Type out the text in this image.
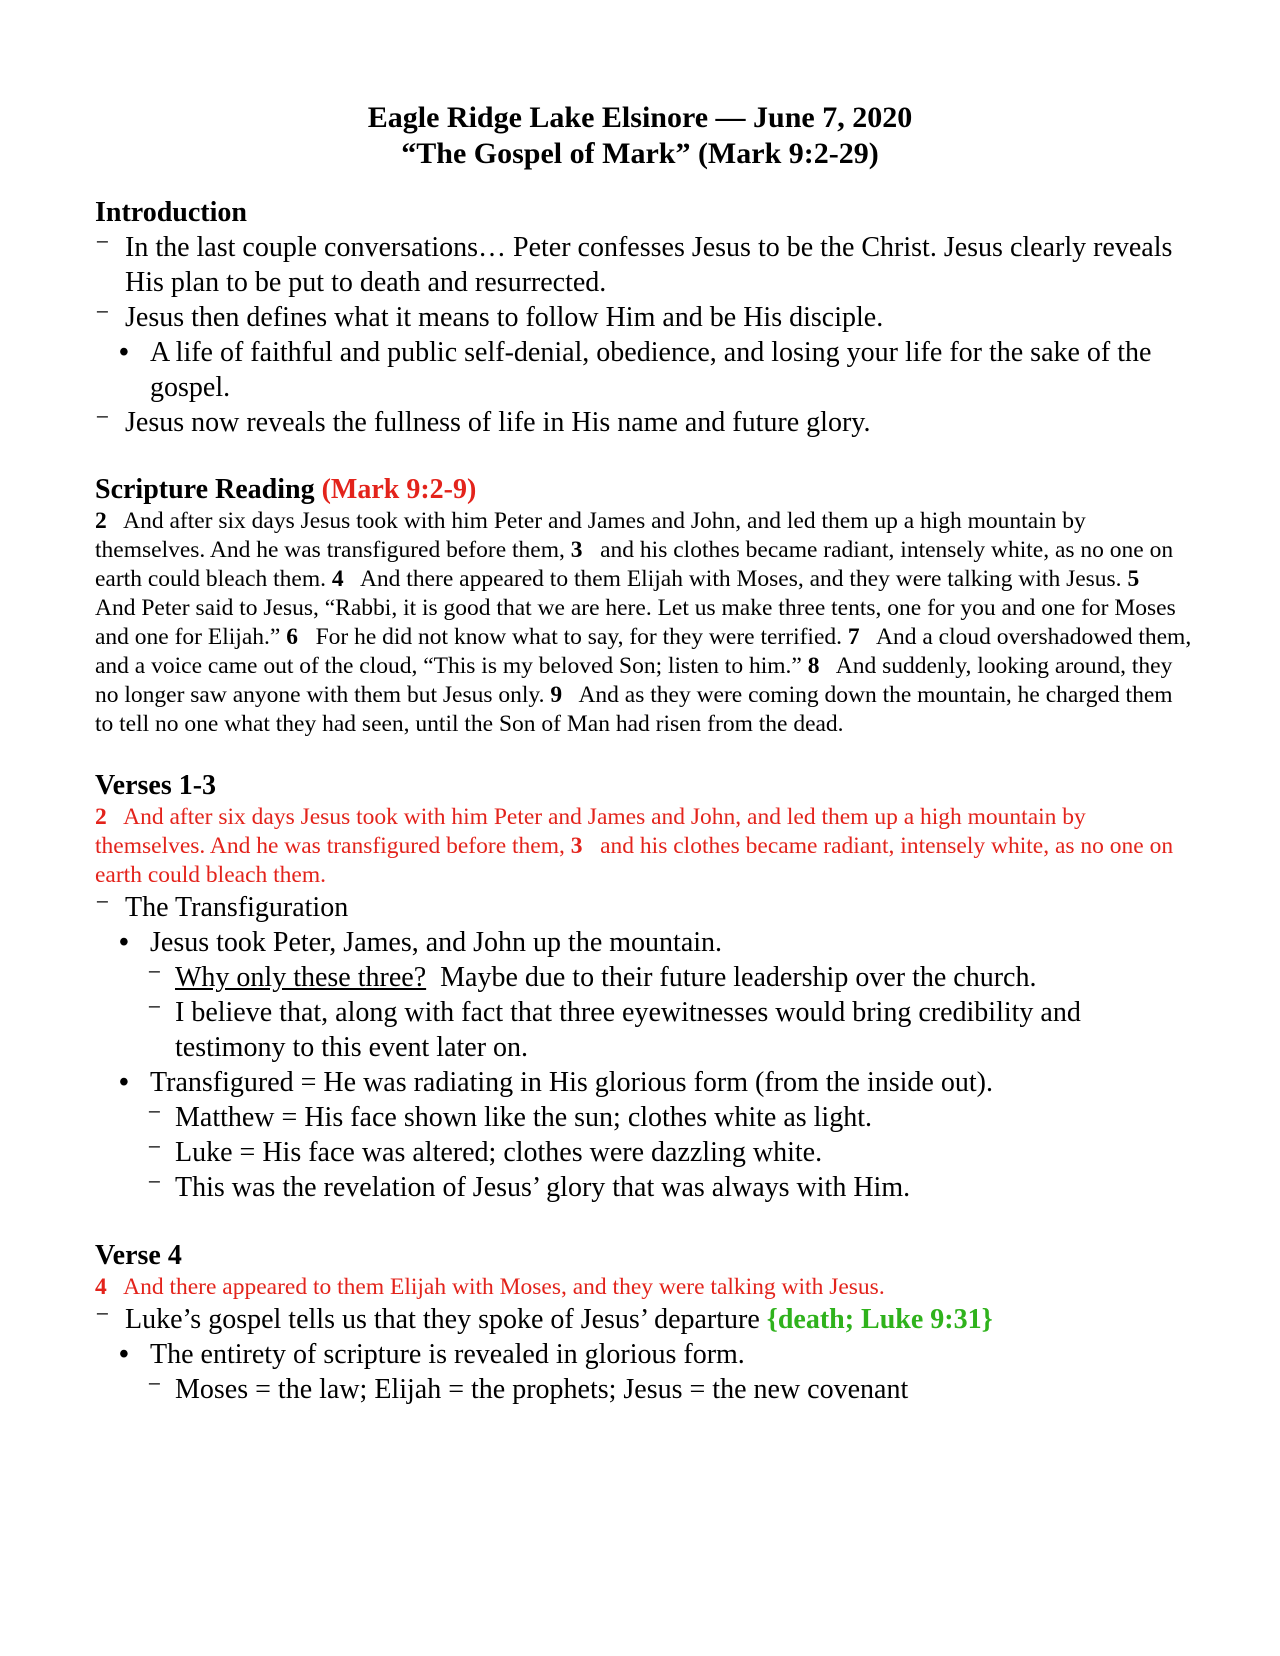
Eagle Ridge Lake Elsinore — June 7, 2020

“The Gospel of Mark” (Mark 9:2-29)

Introduction
⁻ In the last couple conversations… Peter confesses Jesus to be the Christ. Jesus clearly reveals His plan to be put to death and resurrected.
⁻ Jesus then defines what it means to follow Him and be His disciple.
• A life of faithful and public self-denial, obedience, and losing your life for the sake of the gospel.
⁻ Jesus now reveals the fullness of life in His name and future glory.
Scripture Reading (Mark 9:2-9)

2 And after six days Jesus took with him Peter and James and John, and led them up a high mountain by themselves. And he was transfigured before them, 3 and his clothes became radiant, intensely white, as no one on earth could bleach them. 4 And there appeared to them Elijah with Moses, and they were talking with Jesus. 5   And Peter said to Jesus, “Rabbi, it is good that we are here. Let us make three tents, one for you and one for Moses and one for Elijah.” 6 For he did not know what to say, for they were terrified. 7 And a cloud overshadowed them, and a voice came out of the cloud, “This is my beloved Son; listen to him.” 8 And suddenly, looking around, they no longer saw anyone with them but Jesus only. 9 And as they were coming down the mountain, he charged them to tell no one what they had seen, until the Son of Man had risen from the dead.

Verses 1-3

2 And after six days Jesus took with him Peter and James and John, and led them up a high mountain by themselves. And he was transfigured before them, 3 and his clothes became radiant, intensely white, as no one on earth could bleach them.

⁻ The Transfiguration
• Jesus took Peter, James, and John up the mountain.
⁻ Why only these three? Maybe due to their future leadership over the church.
⁻ I believe that, along with fact that three eyewitnesses would bring credibility and testimony to this event later on.
• Transfigured = He was radiating in His glorious form (from the inside out).
⁻ Matthew = His face shown like the sun; clothes white as light.
⁻ Luke = His face was altered; clothes were dazzling white.
⁻ This was the revelation of Jesus’ glory that was always with Him.
Verse 4

4 And there appeared to them Elijah with Moses, and they were talking with Jesus.

⁻ Luke’s gospel tells us that they spoke of Jesus’ departure {death; Luke 9:31}
• The entirety of scripture is revealed in glorious form.
⁻ Moses = the law; Elijah = the prophets; Jesus = the new covenant
